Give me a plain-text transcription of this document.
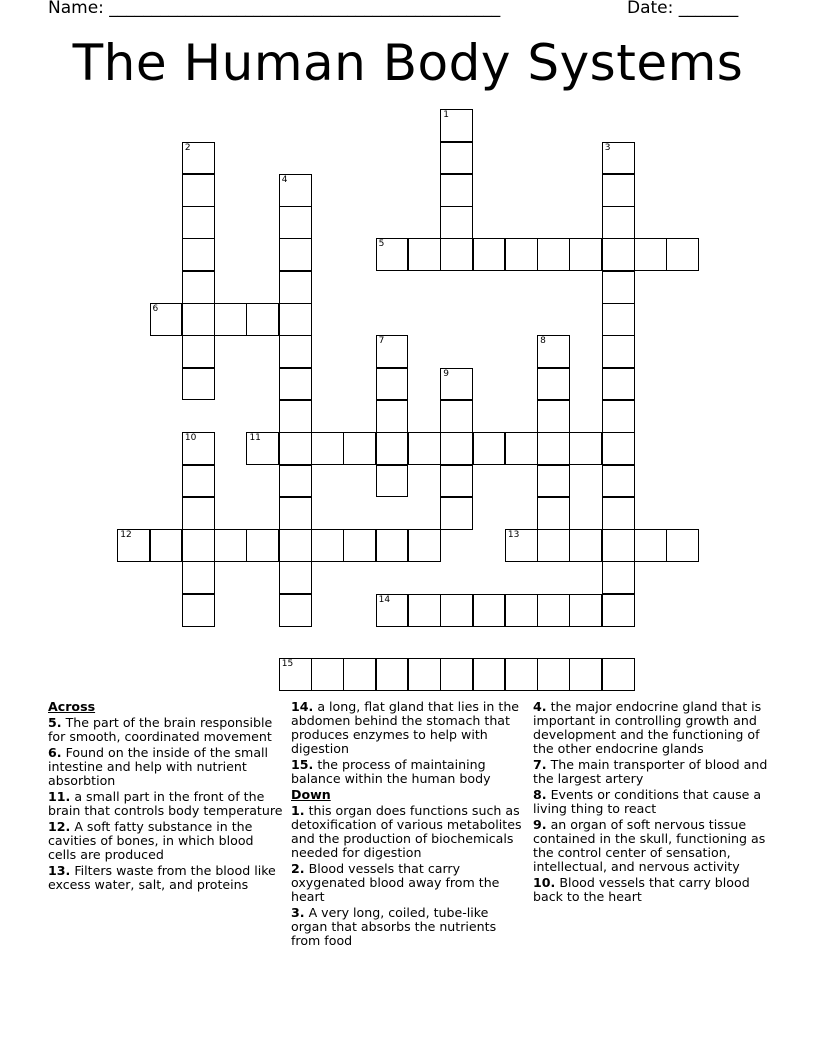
Name: ______________________________________________	Date: _______
The Human Body Systems
1
2	3
4
5
6
7	8
9
10	11
12	13
14
15
Across
5. The part of the brain responsible for smooth, coordinated movement
6. Found on the inside of the small intestine and help with nutrient absorbtion
11. a small part in the front of the brain that controls body temperature
12. A soft fatty substance in the cavities of bones, in which blood cells are produced
13. Filters waste from the blood like excess water, salt, and proteins
14. a long, flat gland that lies in the abdomen behind the stomach that produces enzymes to help with digestion
15. the process of maintaining balance within the human body
Down
1. this organ does functions such as detoxification of various metabolites and the production of biochemicals needed for digestion
2. Blood vessels that carry oxygenated blood away from the heart
3. A very long, coiled, tube-like organ that absorbs the nutrients from food
4. the major endocrine gland that is important in controlling growth and development and the functioning of the other endocrine glands
7. The main transporter of blood and the largest artery
8. Events or conditions that cause a living thing to react
9. an organ of soft nervous tissue contained in the skull, functioning as the control center of sensation, intellectual, and nervous activity
10. Blood vessels that carry blood back to the heart
